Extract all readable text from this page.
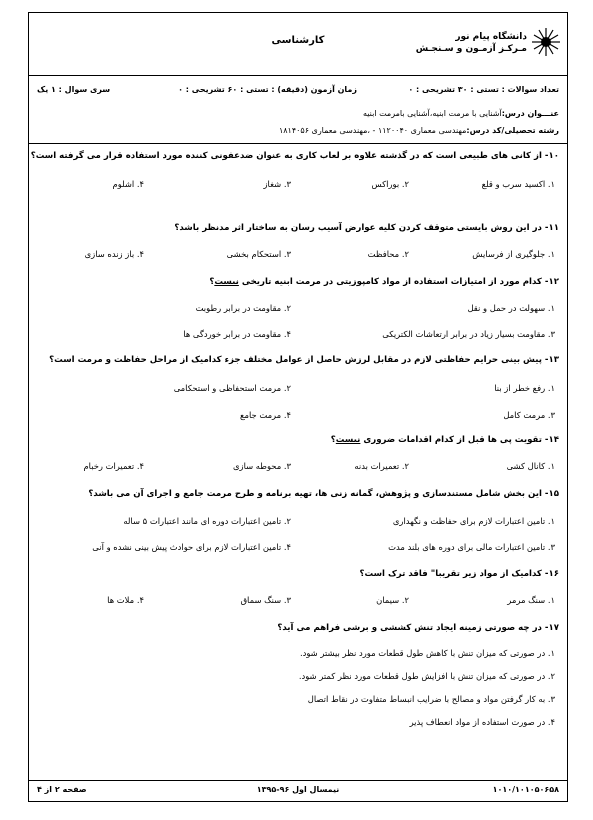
دانشگاه پیام نور
مـرکـز آزمـون و سـنجـش
کارشناسی
تعداد سوالات : تستی : ۳۰ تشریحی : ۰
زمان آزمون (دقیقه) : تستی : ۶۰ تشریحی : ۰
سری سوال : ۱ یک
عنـــوان درس:آشنایی با مرمت ابنیه،آشنایی بامرمت ابنیه
رشته تحصیلی/کد درس:مهندسی معماری ۱۱۲۰۰۴۰ - ،مهندسی معماری ۱۸۱۴۰۵۶
۱۰- از کانی های طبیعی است که در گذشته علاوه بر لعاب کاری به عنوان ضدعفونی کننده مورد استفاده قرار می گرفته است؟
۱. اکسید سرب و قلع
۲. بوراکس
۳. شغاز
۴. اشلوم
۱۱- در این روش بایستی متوقف کردن کلیه عوارض آسیب رسان به ساختار اثر مدنظر باشد؟
۱. جلوگیری از فرسایش
۲. محافظت
۳. استحکام بخشی
۴. باز زنده سازی
۱۲- کدام مورد از امتیازات استفاده از مواد کامپوزیتی در مرمت ابنیه تاریخی نیست؟
۱. سهولت در حمل و نقل
۲. مقاومت در برابر رطوبت
۳. مقاومت بسیار زیاد در برابر ارتعاشات الکتریکی
۴. مقاومت در برابر خوردگی ها
۱۳- پیش بینی حرایم حفاظتی لازم در مقابل لرزش حاصل از عوامل مختلف جزء کدامیک از مراحل حفاظت و مرمت است؟
۱. رفع خطر از بنا
۲. مرمت استحفاظی و استحکامی
۳. مرمت کامل
۴. مرمت جامع
۱۴- تقویت پی ها قبل از کدام اقدامات ضروری نیست؟
۱. کانال کشی
۲. تعمیرات بدنه
۳. محوطه سازی
۴. تعمیرات رخبام
۱۵- این بخش شامل مستندسازی و پژوهش، گمانه زنی ها، تهیه برنامه و طرح مرمت جامع و اجرای آن می باشد؟
۱. تامین اعتبارات لازم برای حفاظت و نگهداری
۲. تامین اعتبارات دوره ای مانند اعتبارات ۵ ساله
۳. تامین اعتبارات مالی برای دوره های بلند مدت
۴. تامین اعتبارات لازم برای حوادث پیش بینی نشده و آنی
۱۶- کدامیک از مواد زیر تقریبا" فاقد ترک است؟
۱. سنگ مرمر
۲. سیمان
۳. سنگ سماق
۴. ملات ها
۱۷- در چه صورتی زمینه ایجاد تنش کششی و برشی فراهم می آید؟
۱. در صورتی که میزان تنش با کاهش طول قطعات مورد نظر بیشتر شود.
۲. در صورتی که میزان تنش با افزایش طول قطعات مورد نظر کمتر شود.
۳. به کار گرفتن مواد و مصالح با ضرایب انبساط متفاوت در نقاط اتصال
۴. در صورت استفاده از مواد انعطاف پذیر
صفحه ۲ از ۴	نیمسال اول ۹۶-۱۳۹۵	۱۰۱۰/۱۰۱۰۵۰۶۵۸
